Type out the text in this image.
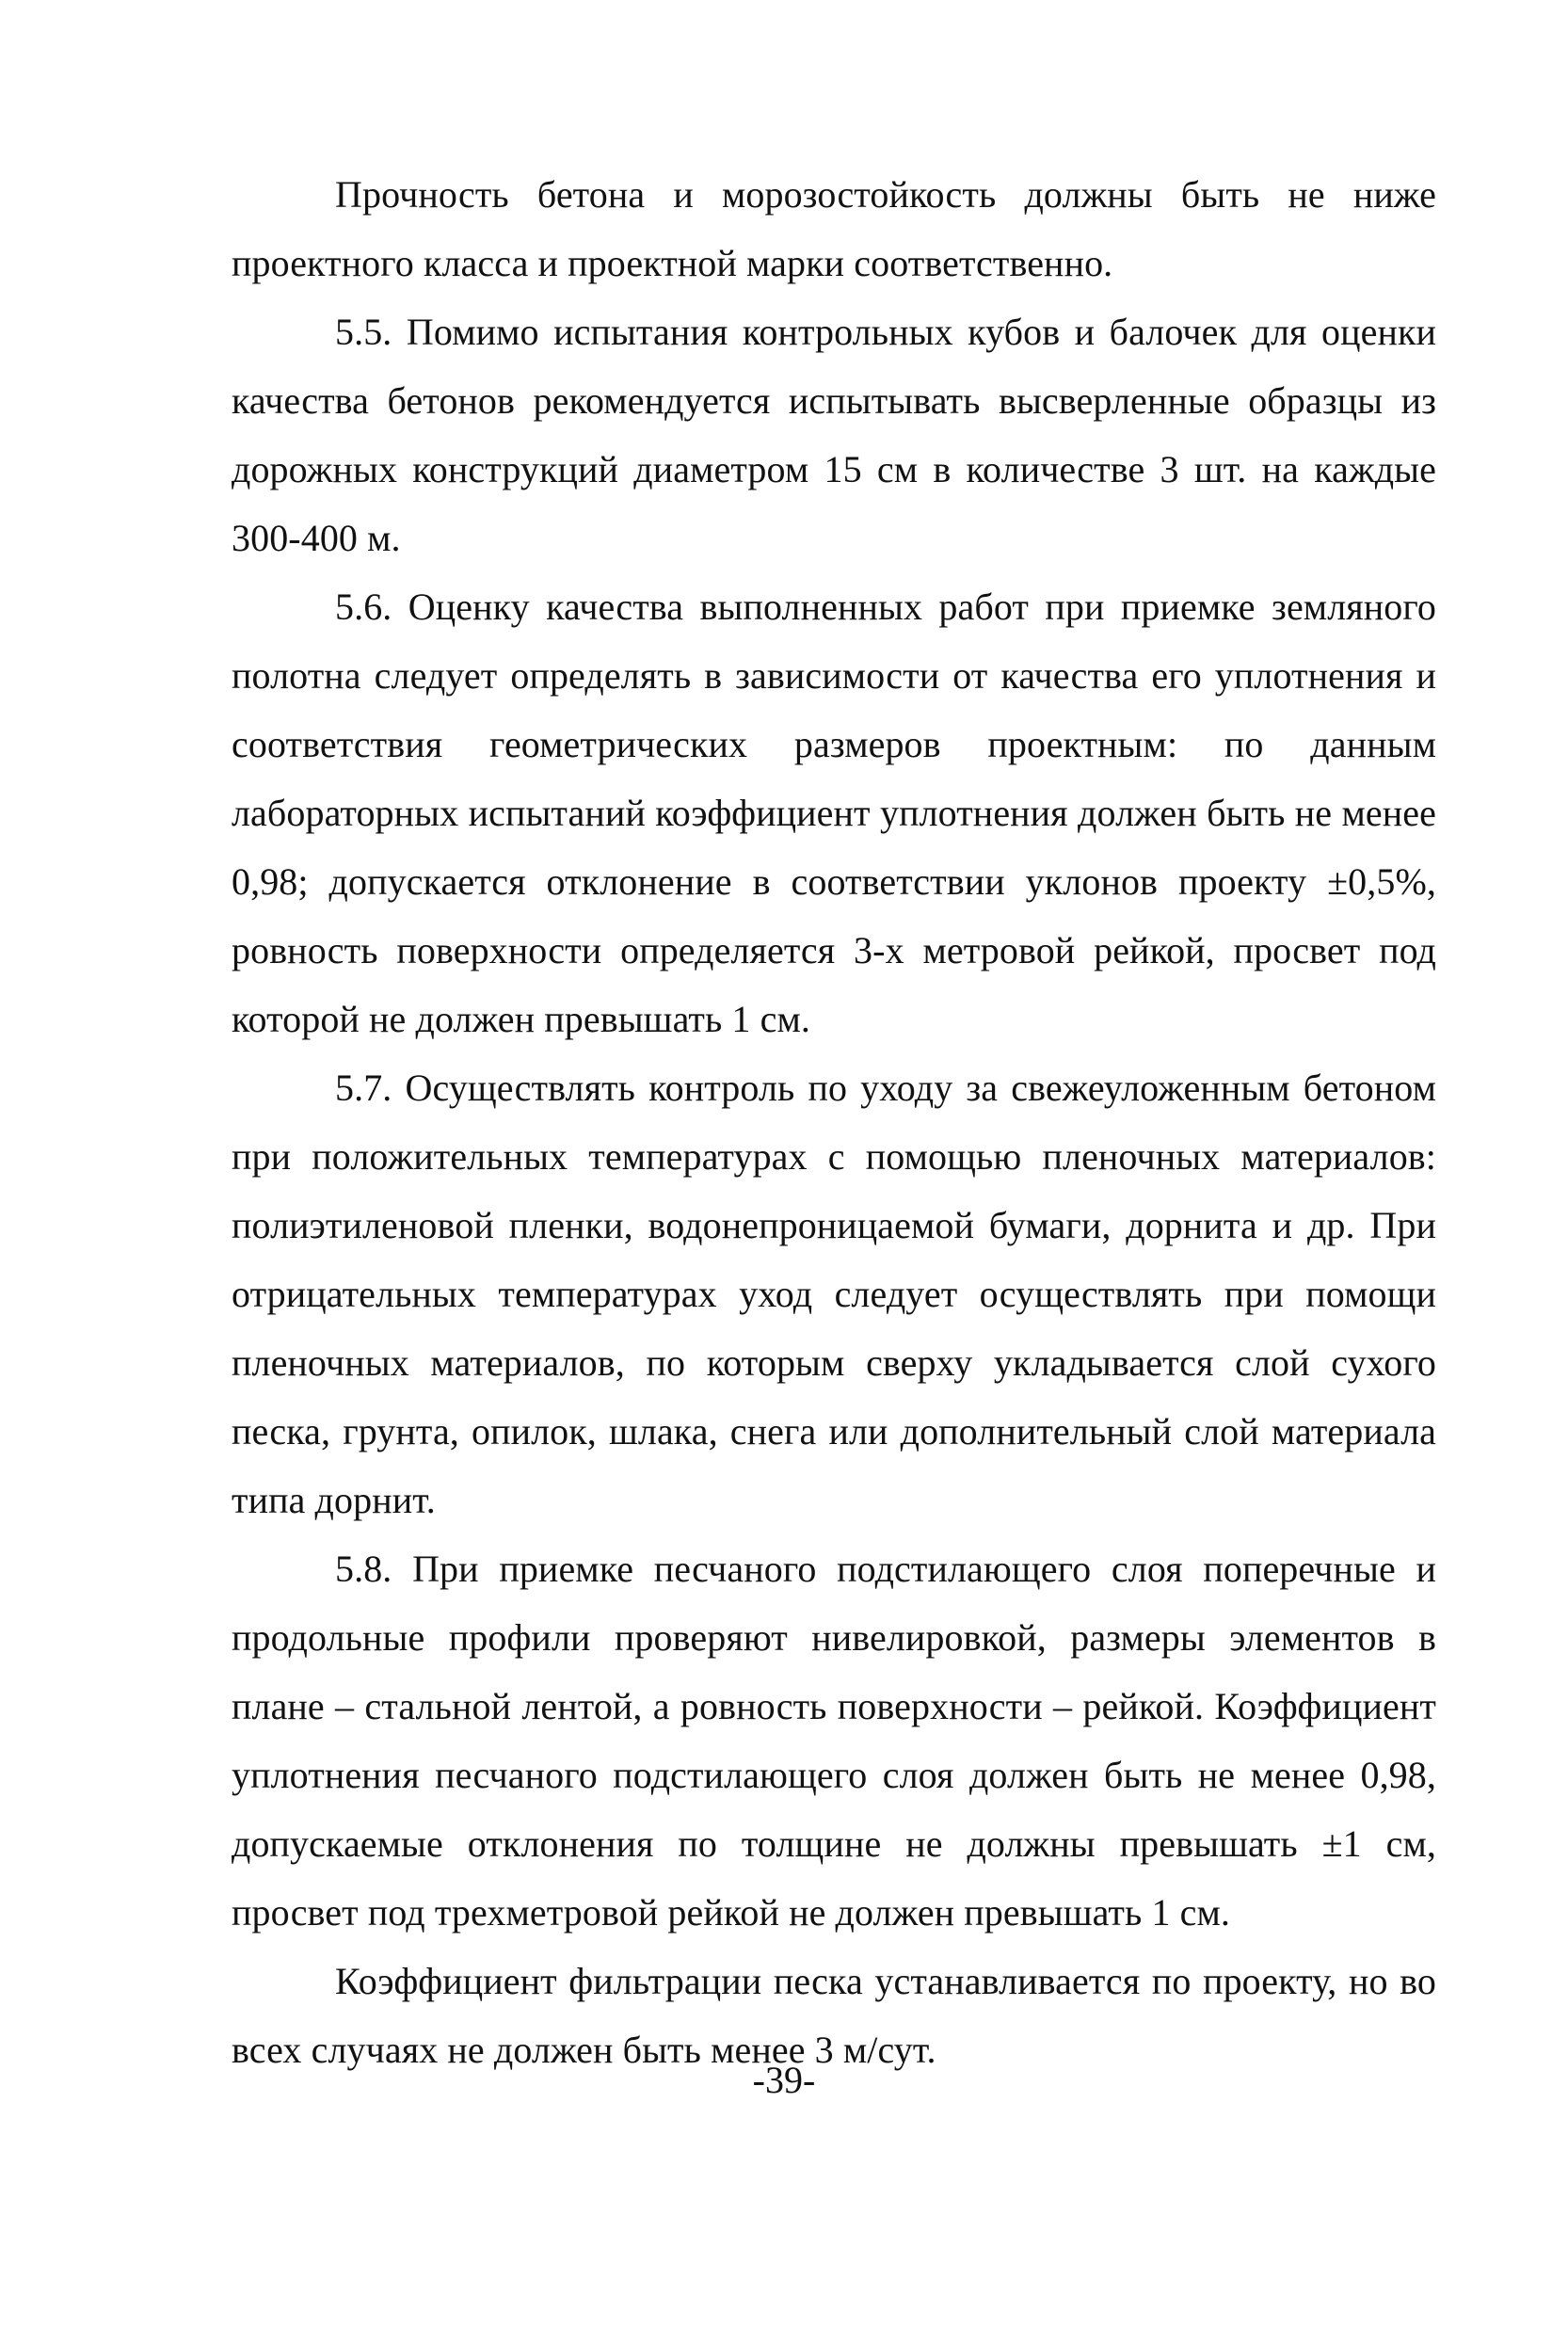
Прочность бетона и морозостойкость должны быть не ниже проектного класса и проектной марки соответственно.

5.5. Помимо испытания контрольных кубов и балочек для оценки качества бетонов рекомендуется испытывать высверленные образцы из дорожных конструкций диаметром 15 см в количестве 3 шт. на каждые 300-400 м.

5.6. Оценку качества выполненных работ при приемке земляного полотна следует определять в зависимости от качества его уплотнения и соответствия геометрических размеров проектным: по данным лабораторных испытаний коэффициент уплотнения должен быть не менее 0,98; допускается отклонение в соответствии уклонов проекту ±0,5%, ровность поверхности определяется 3-х метровой рейкой, просвет под которой не должен превышать 1 см.

5.7. Осуществлять контроль по уходу за свежеуложенным бетоном при положительных температурах с помощью пленочных материалов: полиэтиленовой пленки, водонепроницаемой бумаги, дорнита и др. При отрицательных температурах уход следует осуществлять при помощи пленочных материалов, по которым сверху укладывается слой сухого песка, грунта, опилок, шлака, снега или дополнительный слой материала типа дорнит.

5.8. При приемке песчаного подстилающего слоя поперечные и продольные профили проверяют нивелировкой, размеры элементов в плане – стальной лентой, а ровность поверхности – рейкой. Коэффициент уплотнения песчаного подстилающего слоя должен быть не менее 0,98, допускаемые отклонения по толщине не должны превышать ±1 см, просвет под трехметровой рейкой не должен превышать 1 см.

Коэффициент фильтрации песка устанавливается по проекту, но во всех случаях не должен быть менее 3 м/сут.

-39-
